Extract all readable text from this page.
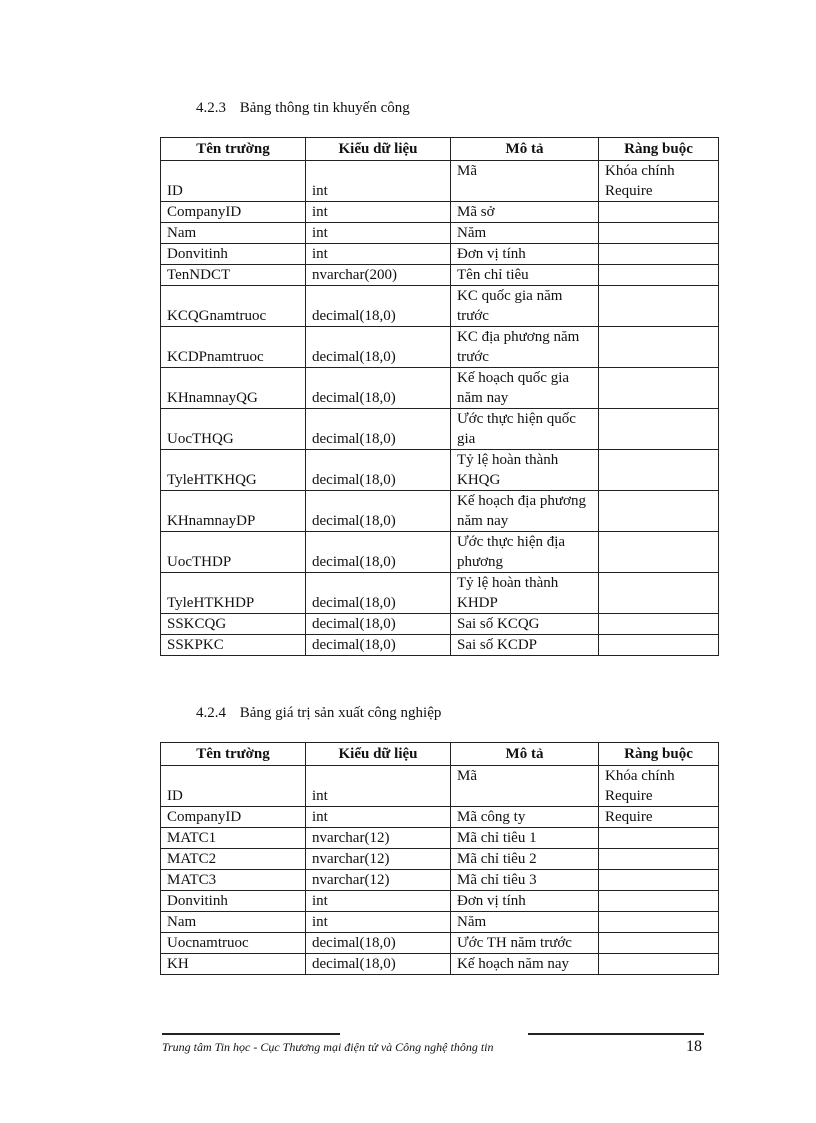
4.2.3 Bảng thông tin khuyến công
Tên trường	Kiểu dữ liệu	Mô tả	Ràng buộc
ID	int	Mã	Khóa chính Require
CompanyID	int	Mã sở	
Nam	int	Năm	
Donvitinh	int	Đơn vị tính	
TenNDCT	nvarchar(200)	Tên chỉ tiêu	
KCQGnamtruoc	decimal(18,0)	KC quốc gia năm trước	
KCDPnamtruoc	decimal(18,0)	KC địa phương năm trước	
KHnamnayQG	decimal(18,0)	Kế hoạch quốc gia năm nay	
UocTHQG	decimal(18,0)	Ước thực hiện quốc gia	
TyleHTKHQG	decimal(18,0)	Tỷ lệ hoàn thành KHQG	
KHnamnayDP	decimal(18,0)	Kế hoạch địa phương năm nay	
UocTHDP	decimal(18,0)	Ước thực hiện địa phương	
TyleHTKHDP	decimal(18,0)	Tỷ lệ hoàn thành KHDP	
SSKCQG	decimal(18,0)	Sai số KCQG	
SSKPKC	decimal(18,0)	Sai số KCDP	
4.2.4 Bảng giá trị sản xuất công nghiệp
Tên trường	Kiểu dữ liệu	Mô tả	Ràng buộc
ID	int	Mã	Khóa chính Require
CompanyID	int	Mã công ty	Require
MATC1	nvarchar(12)	Mã chỉ tiêu 1	
MATC2	nvarchar(12)	Mã chỉ tiêu 2	
MATC3	nvarchar(12)	Mã chỉ tiêu 3	
Donvitinh	int	Đơn vị tính	
Nam	int	Năm	
Uocnamtruoc	decimal(18,0)	Ước TH năm trước	
KH	decimal(18,0)	Kế hoạch năm nay	
Trung tâm Tin học - Cục Thương mại điện tử và Công nghệ thông tin	18
